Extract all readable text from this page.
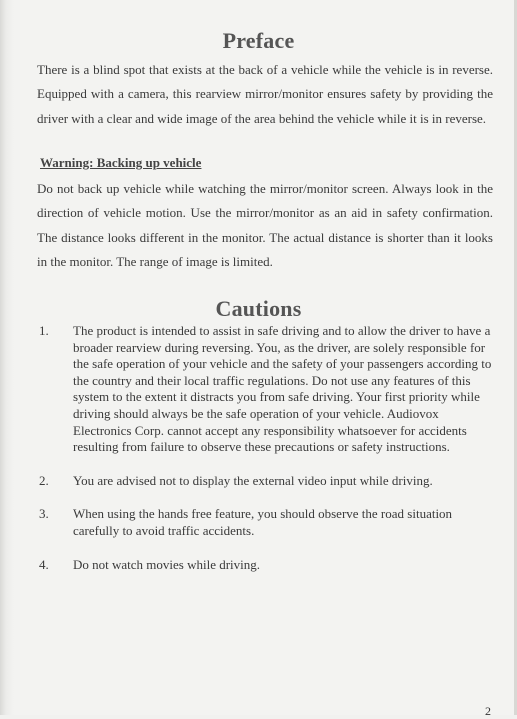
Preface
There is a blind spot that exists at the back of a vehicle while the vehicle is in reverse. Equipped with a camera, this rearview mirror/monitor ensures safety by providing the driver with a clear and wide image of the area behind the vehicle while it is in reverse.
Warning: Backing up vehicle
Do not back up vehicle while watching the mirror/monitor screen. Always look in the direction of vehicle motion. Use the mirror/monitor as an aid in safety confirmation. The distance looks different in the monitor. The actual distance is shorter than it looks in the monitor. The range of image is limited.
Cautions
1. The product is intended to assist in safe driving and to allow the driver to have a broader rearview during reversing. You, as the driver, are solely responsible for the safe operation of your vehicle and the safety of your passengers according to the country and their local traffic regulations. Do not use any features of this system to the extent it distracts you from safe driving. Your first priority while driving should always be the safe operation of your vehicle. Audiovox Electronics Corp. cannot accept any responsibility whatsoever for accidents resulting from failure to observe these precautions or safety instructions.
2. You are advised not to display the external video input while driving.
3. When using the hands free feature, you should observe the road situation carefully to avoid traffic accidents.
4. Do not watch movies while driving.
2
